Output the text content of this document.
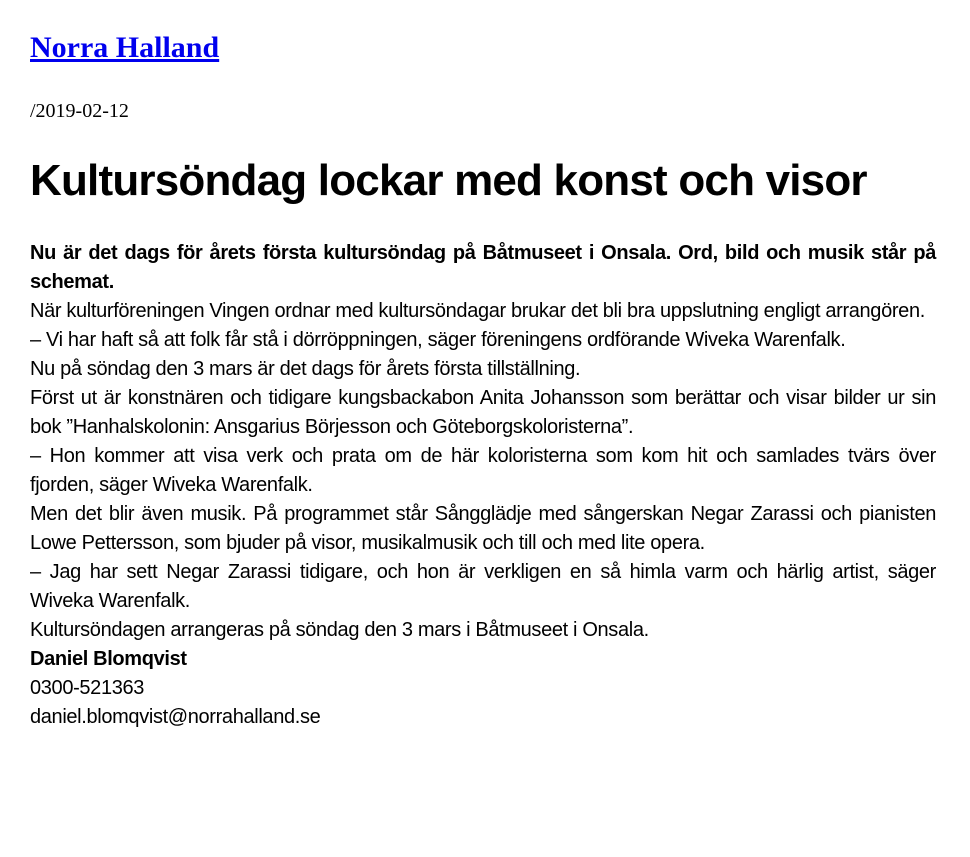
Norra Halland
/2019-02-12
Kultursöndag lockar med konst och visor

Nu är det dags för årets första kultursöndag på Båtmuseet i Onsala. Ord, bild och musik står på schemat.

När kulturföreningen Vingen ordnar med kultursöndagar brukar det bli bra uppslutning engligt arrangören.

– Vi har haft så att folk får stå i dörröppningen, säger föreningens ordförande Wiveka Warenfalk.

Nu på söndag den 3 mars är det dags för årets första tillställning.

Först ut är konstnären och tidigare kungsbackabon Anita Johansson som berättar och visar bilder ur sin bok ”Hanhalskolonin: Ansgarius Börjesson och Göteborgskoloristerna”.

– Hon kommer att visa verk och prata om de här koloristerna som kom hit och samlades tvärs över fjorden, säger Wiveka Warenfalk.

Men det blir även musik. På programmet står Sångglädje med sångerskan Negar Zarassi och pianisten Lowe Pettersson, som bjuder på visor, musikalmusik och till och med lite opera.

– Jag har sett Negar Zarassi tidigare, och hon är verkligen en så himla varm och härlig artist, säger Wiveka Warenfalk.

Kultursöndagen arrangeras på söndag den 3 mars i Båtmuseet i Onsala.

Daniel Blomqvist

0300-521363

daniel.blomqvist@norrahalland.se
